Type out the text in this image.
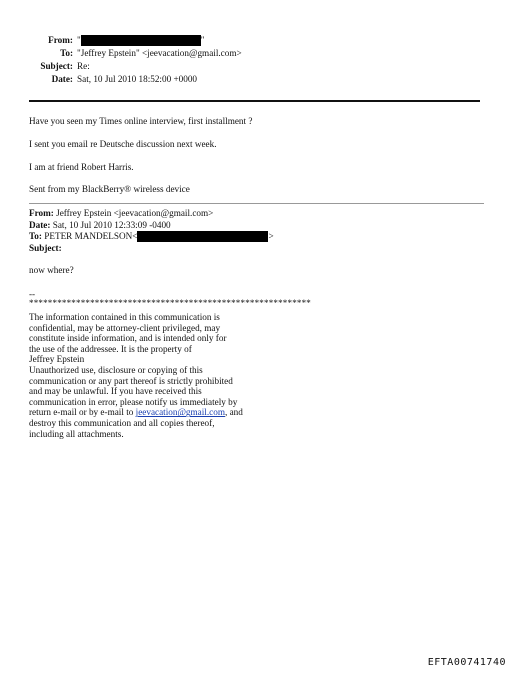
From: "	"
To: "Jeffrey Epstein" <jeevacation@gmail.com>
Subject: Re:
Date: Sat, 10 Jul 2010 18:52:00 +0000
Have you seen my Times online interview, first installment ?
I sent you email re Deutsche discussion next week.
I am at friend Robert Harris.
Sent from my BlackBerry® wireless device
From: Jeffrey Epstein <jeevacation@gmail.com>
Date: Sat, 10 Jul 2010 12:33:09 -0400
To: PETER MANDELSON<	>
Subject:
now where?
--
************************************************************
The information contained in this communication is
confidential, may be attorney-client privileged, may
constitute inside information, and is intended only for
the use of the addressee. It is the property of
Jeffrey Epstein
Unauthorized use, disclosure or copying of this
communication or any part thereof is strictly prohibited
and may be unlawful. If you have received this
communication in error, please notify us immediately by
return e-mail or by e-mail to jeevacation@gmail.com, and
destroy this communication and all copies thereof,
including all attachments.
EFTA00741740
